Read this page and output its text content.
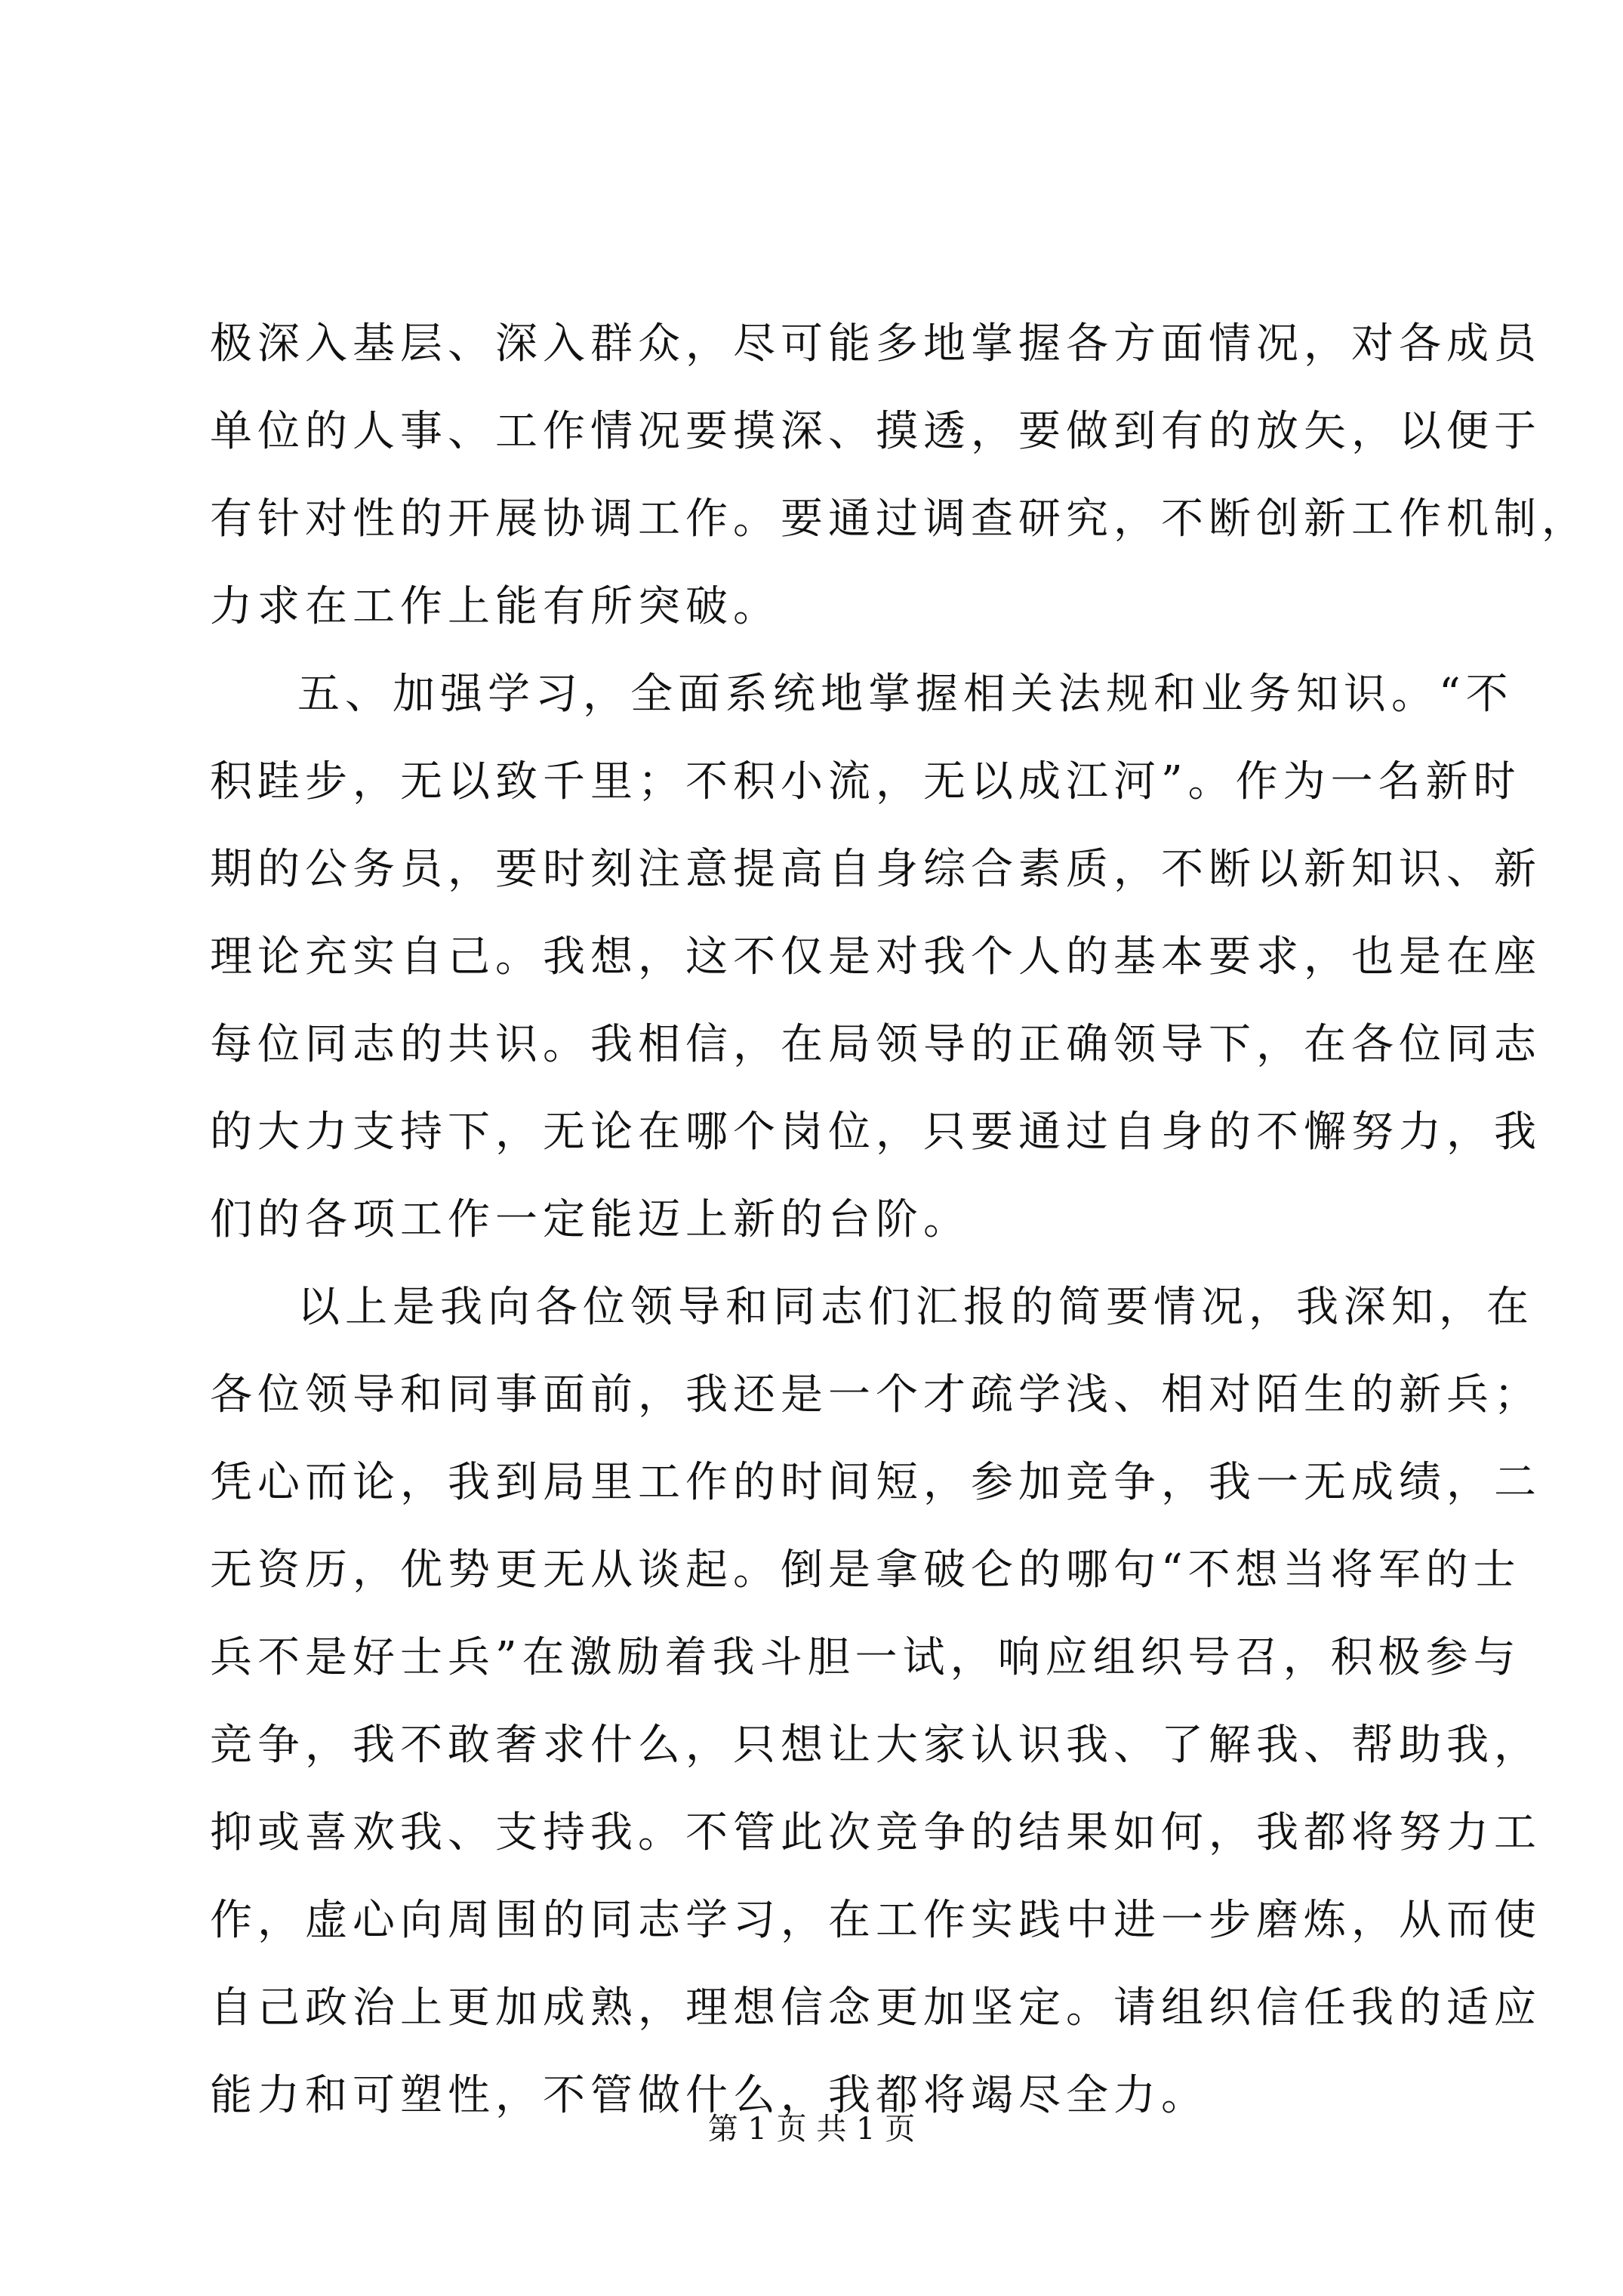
极深入基层、深入群众，尽可能多地掌握各方面情况，对各成员
单位的人事、工作情况要摸深、摸透，要做到有的放矢，以便于
有针对性的开展协调工作。要通过调查研究，不断创新工作机制，
力求在工作上能有所突破。
五、加强学习，全面系统地掌握相关法规和业务知识。“不
积跬步，无以致千里；不积小流，无以成江河”。作为一名新时
期的公务员，要时刻注意提高自身综合素质，不断以新知识、新
理论充实自己。我想，这不仅是对我个人的基本要求，也是在座
每位同志的共识。我相信，在局领导的正确领导下，在各位同志
的大力支持下，无论在哪个岗位，只要通过自身的不懈努力，我
们的各项工作一定能迈上新的台阶。
以上是我向各位领导和同志们汇报的简要情况，我深知，在
各位领导和同事面前，我还是一个才疏学浅、相对陌生的新兵；
凭心而论，我到局里工作的时间短，参加竞争，我一无成绩，二
无资历，优势更无从谈起。倒是拿破仑的哪句“不想当将军的士
兵不是好士兵”在激励着我斗胆一试，响应组织号召，积极参与
竞争，我不敢奢求什么，只想让大家认识我、了解我、帮助我，
抑或喜欢我、支持我。不管此次竞争的结果如何，我都将努力工
作，虚心向周围的同志学习，在工作实践中进一步磨炼，从而使
自己政治上更加成熟，理想信念更加坚定。请组织信任我的适应
能力和可塑性，不管做什么，我都将竭尽全力。
第 1 页 共 1 页
